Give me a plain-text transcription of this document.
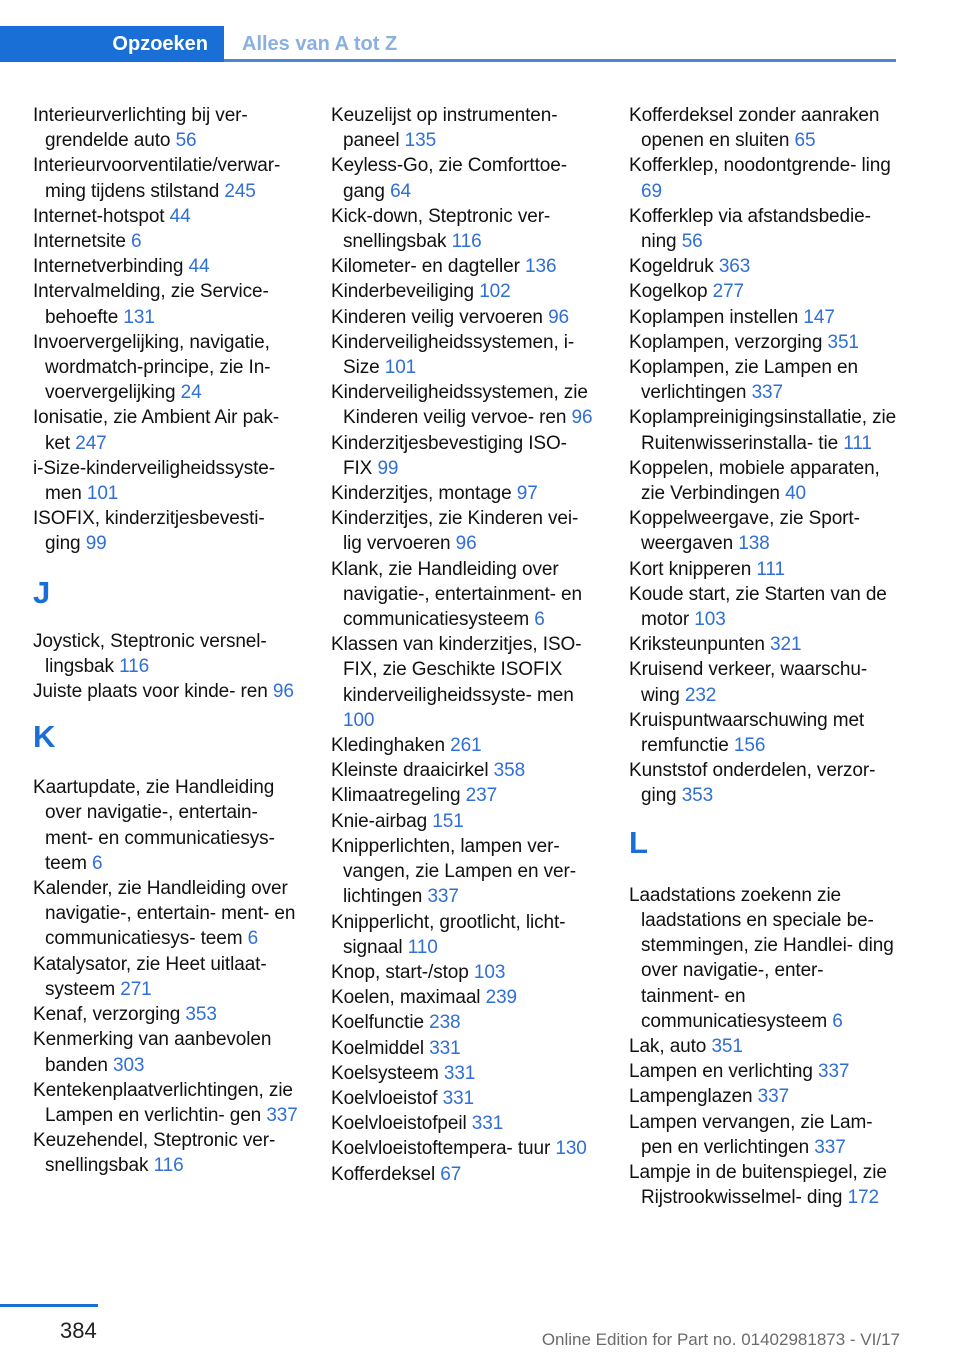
Opzoeken	Alles van A tot Z
Interieurverlichting bij ver- grendelde auto 56
Interieurvoorventilatie/verwar- ming tijdens stilstand 245
Internet-hotspot 44
Internetsite 6
Internetverbinding 44
Intervalmelding, zie Service- behoefte 131
Invoervergelijking, navigatie, wordmatch-principe, zie In- voervergelijking 24
Ionisatie, zie Ambient Air pak- ket 247
i-Size-kinderveiligheidssyste- men 101
ISOFIX, kinderzitjesbevesti- ging 99
J
Joystick, Steptronic versnel- lingsbak 116
Juiste plaats voor kinde- ren 96
K
Kaartupdate, zie Handleiding over navigatie-, entertain- ment- en communicatiesys- teem 6
Kalender, zie Handleiding over navigatie-, entertain- ment- en communicatiesys- teem 6
Katalysator, zie Heet uitlaat- systeem 271
Kenaf, verzorging 353
Kenmerking van aanbevolen banden 303
Kentekenplaatverlichtingen, zie Lampen en verlichtin- gen 337
Keuzehendel, Steptronic ver- snellingsbak 116
Keuzelijst op instrumenten- paneel 135
Keyless-Go, zie Comforttoe- gang 64
Kick-down, Steptronic ver- snellingsbak 116
Kilometer- en dagteller 136
Kinderbeveiliging 102
Kinderen veilig vervoeren 96
Kinderveiligheidssystemen, i- Size 101
Kinderveiligheidssystemen, zie Kinderen veilig vervoe- ren 96
Kinderzitjesbevestiging ISO- FIX 99
Kinderzitjes, montage 97
Kinderzitjes, zie Kinderen vei- lig vervoeren 96
Klank, zie Handleiding over navigatie-, entertainment- en communicatiesysteem 6
Klassen van kinderzitjes, ISO- FIX, zie Geschikte ISOFIX kinderveiligheidssyste- men 100
Kledinghaken 261
Kleinste draaicirkel 358
Klimaatregeling 237
Knie-airbag 151
Knipperlichten, lampen ver- vangen, zie Lampen en ver- lichtingen 337
Knipperlicht, grootlicht, licht- signaal 110
Knop, start-/stop 103
Koelen, maximaal 239
Koelfunctie 238
Koelmiddel 331
Koelsysteem 331
Koelvloeistof 331
Koelvloeistofpeil 331
Koelvloeistoftempera- tuur 130
Kofferdeksel 67
Kofferdeksel zonder aanraken openen en sluiten 65
Kofferklep, noodontgrende- ling 69
Kofferklep via afstandsbedie- ning 56
Kogeldruk 363
Kogelkop 277
Koplampen instellen 147
Koplampen, verzorging 351
Koplampen, zie Lampen en verlichtingen 337
Koplampreinigingsinstallatie, zie Ruitenwisserinstalla- tie 111
Koppelen, mobiele apparaten, zie Verbindingen 40
Koppelweergave, zie Sport- weergaven 138
Kort knipperen 111
Koude start, zie Starten van de motor 103
Kriksteunpunten 321
Kruisend verkeer, waarschu- wing 232
Kruispuntwaarschuwing met remfunctie 156
Kunststof onderdelen, verzor- ging 353
L
Laadstations zoekenn zie laadstations en speciale be- stemmingen, zie Handlei- ding over navigatie-, enter- tainment- en communicatiesysteem 6
Lak, auto 351
Lampen en verlichting 337
Lampenglazen 337
Lampen vervangen, zie Lam- pen en verlichtingen 337
Lampje in de buitenspiegel, zie Rijstrookwisselmel- ding 172
384	Online Edition for Part no. 01402981873 - VI/17
